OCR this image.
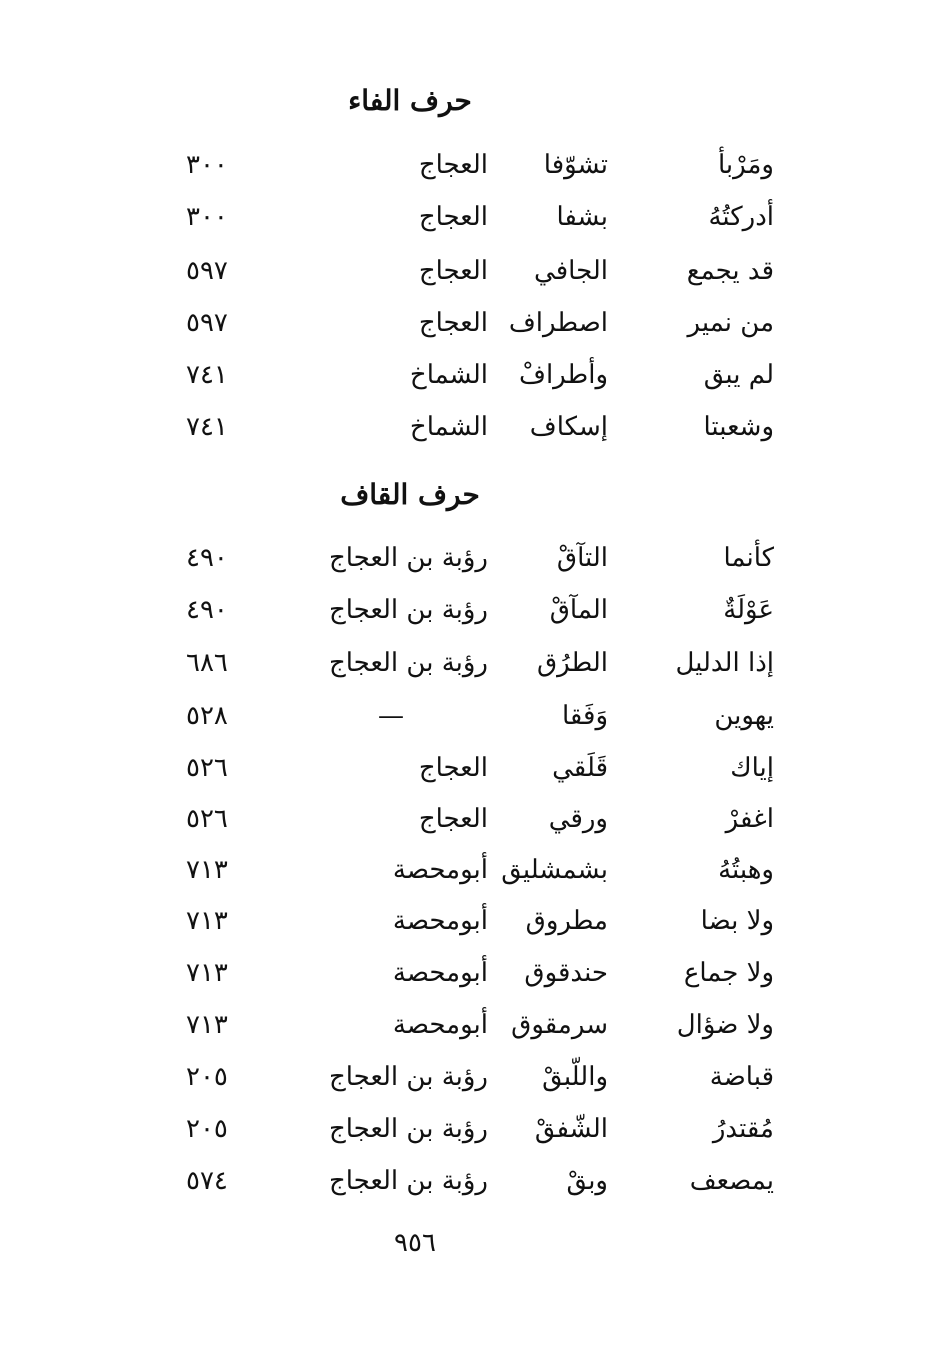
حرف الفاء
ومَرْبأ
تشوّفا
العجاج
٣٠٠
أدركتُهُ
بشفا
العجاج
٣٠٠
قد يجمع
الجافي
العجاج
٥٩٧
من نمير
اصطراف
العجاج
٥٩٧
لم يبق
وأطرافْ
الشماخ
٧٤١
وشعبتا
إسكاف
الشماخ
٧٤١
حرف القاف
كأنما
التآقْ
رؤبة بن العجاج
٤٩٠
عَوْلَةٌ
المآقْ
رؤبة بن العجاج
٤٩٠
إذا الدليل
الطرُق
رؤبة بن العجاج
٦٨٦
يهوين
وَفَقا
—
٥٢٨
إياك
قَلَقي
العجاج
٥٢٦
اغفرْ
ورقي
العجاج
٥٢٦
وهبتُهُ
بشمشليق
أبومحصة
٧١٣
ولا بضا
مطروق
أبومحصة
٧١٣
ولا جماع
حندقوق
أبومحصة
٧١٣
ولا ضؤال
سرمقوق
أبومحصة
٧١٣
قباضة
واللّبقْ
رؤبة بن العجاج
٢٠٥
مُقتدرُ
الشّفقْ
رؤبة بن العجاج
٢٠٥
يمصعف
وبقْ
رؤبة بن العجاج
٥٧٤
٩٥٦
